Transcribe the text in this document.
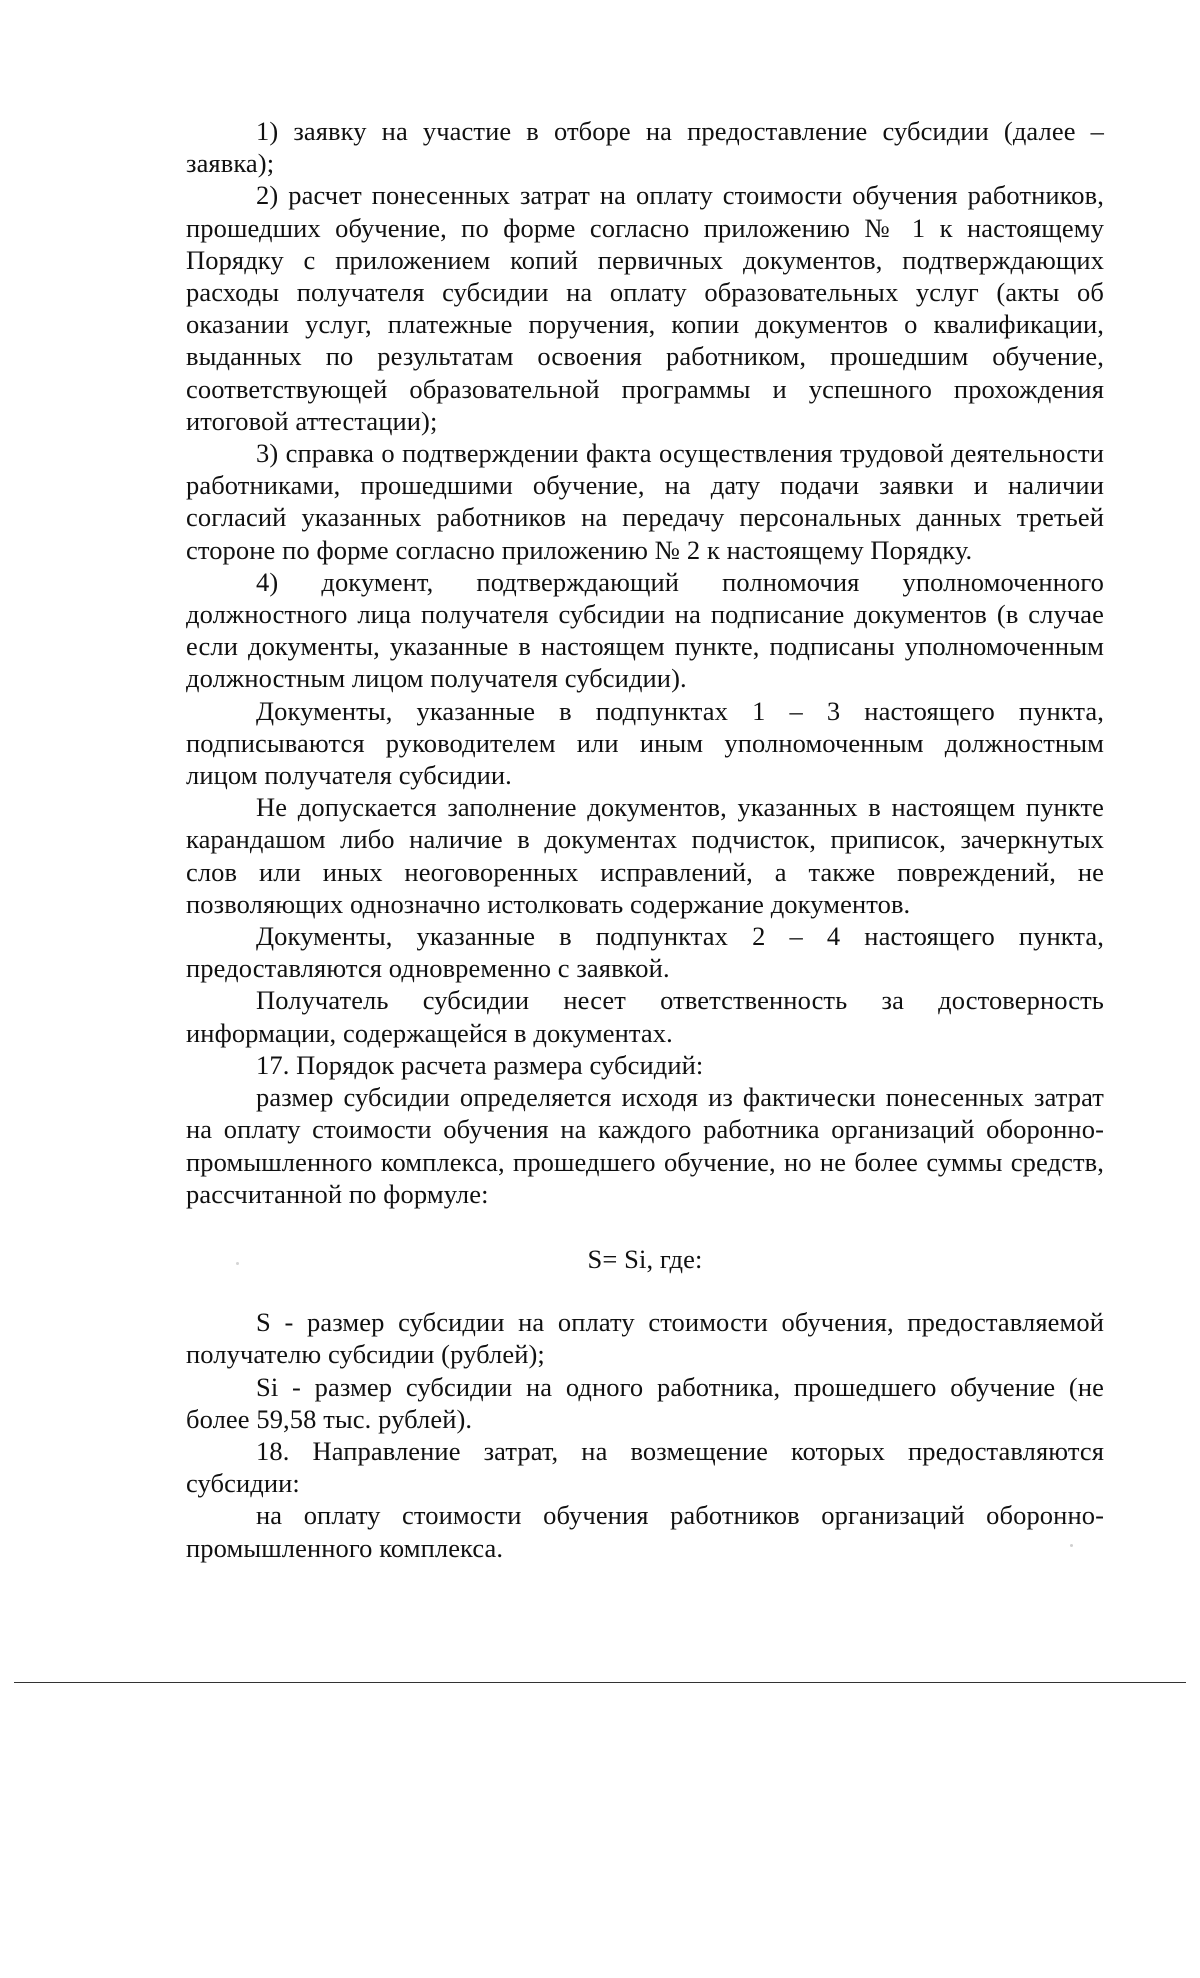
1) заявку на участие в отборе на предоставление субсидии (далее – заявка);

2) расчет понесенных затрат на оплату стоимости обучения работников, прошедших обучение, по форме согласно приложению № 1 к настоящему Порядку с приложением копий первичных документов, подтверждающих расходы получателя субсидии на оплату образовательных услуг (акты об оказании услуг, платежные поручения, копии документов о квалификации, выданных по результатам освоения работником, прошедшим обучение, соответствующей образовательной программы и успешного прохождения итоговой аттестации);

3) справка о подтверждении факта осуществления трудовой деятельности работниками, прошедшими обучение, на дату подачи заявки и наличии согласий указанных работников на передачу персональных данных третьей стороне по форме согласно приложению № 2 к настоящему Порядку.

4) документ, подтверждающий полномочия уполномоченного должностного лица получателя субсидии на подписание документов (в случае если документы, указанные в настоящем пункте, подписаны уполномоченным должностным лицом получателя субсидии).

Документы, указанные в подпунктах 1 – 3 настоящего пункта, подписываются руководителем или иным уполномоченным должностным лицом получателя субсидии.

Не допускается заполнение документов, указанных в настоящем пункте карандашом либо наличие в документах подчисток, приписок, зачеркнутых слов или иных неоговоренных исправлений, а также повреждений, не позволяющих однозначно истолковать содержание документов.

Документы, указанные в подпунктах 2 – 4 настоящего пункта, предоставляются одновременно с заявкой.

Получатель субсидии несет ответственность за достоверность информации, содержащейся в документах.

17. Порядок расчета размера субсидий:

размер субсидии определяется исходя из фактически понесенных затрат на оплату стоимости обучения на каждого работника организаций оборонно-промышленного комплекса, прошедшего обучение, но не более суммы средств, рассчитанной по формуле:

S= Si, где:

S - размер субсидии на оплату стоимости обучения, предоставляемой получателю субсидии (рублей);

Si - размер субсидии на одного работника, прошедшего обучение (не более 59,58 тыс. рублей).

18. Направление затрат, на возмещение которых предоставляются субсидии:

на оплату стоимости обучения работников организаций оборонно-промышленного комплекса.
